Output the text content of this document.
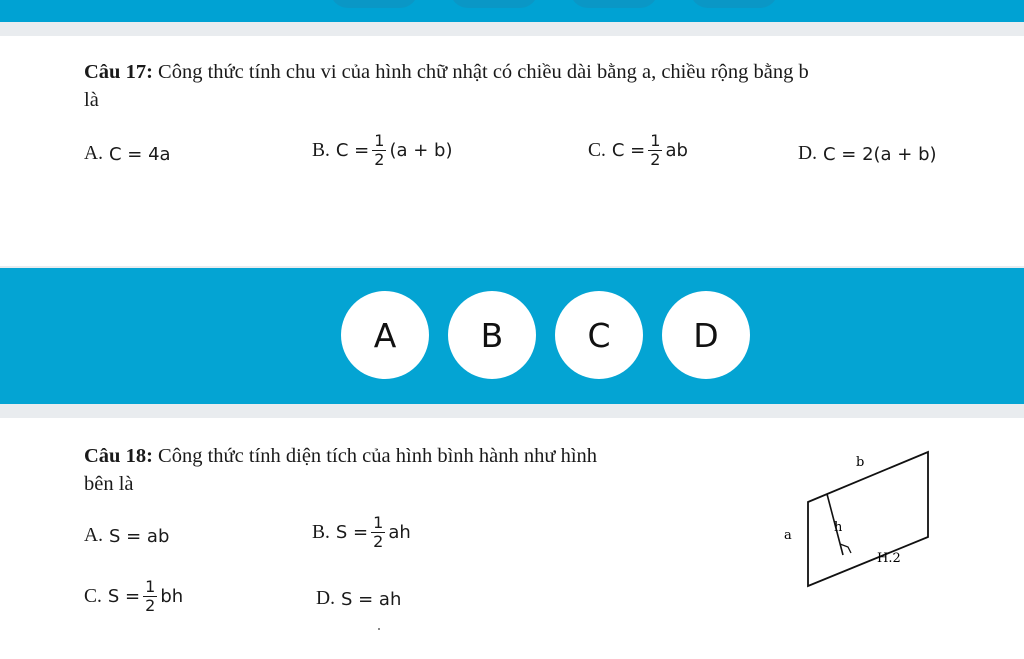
Câu 17: Công thức tính chu vi của hình chữ nhật có chiều dài bằng a, chiều rộng bằng b
là
A. C = 4a	B. $C = \frac{1}{2} (a + b)$	C. $C = \frac{1}{2}$ ab	D. C = 2(a + b)
A	B	C	D
Câu 18: Công thức tính diện tích của hình bình hành như hình
bên là
A. S = ab	B. $S = \frac{1}{2}$ ah
C. $S = \frac{1}{2}$ bh	D. S = ah
b
a
h
H.2
